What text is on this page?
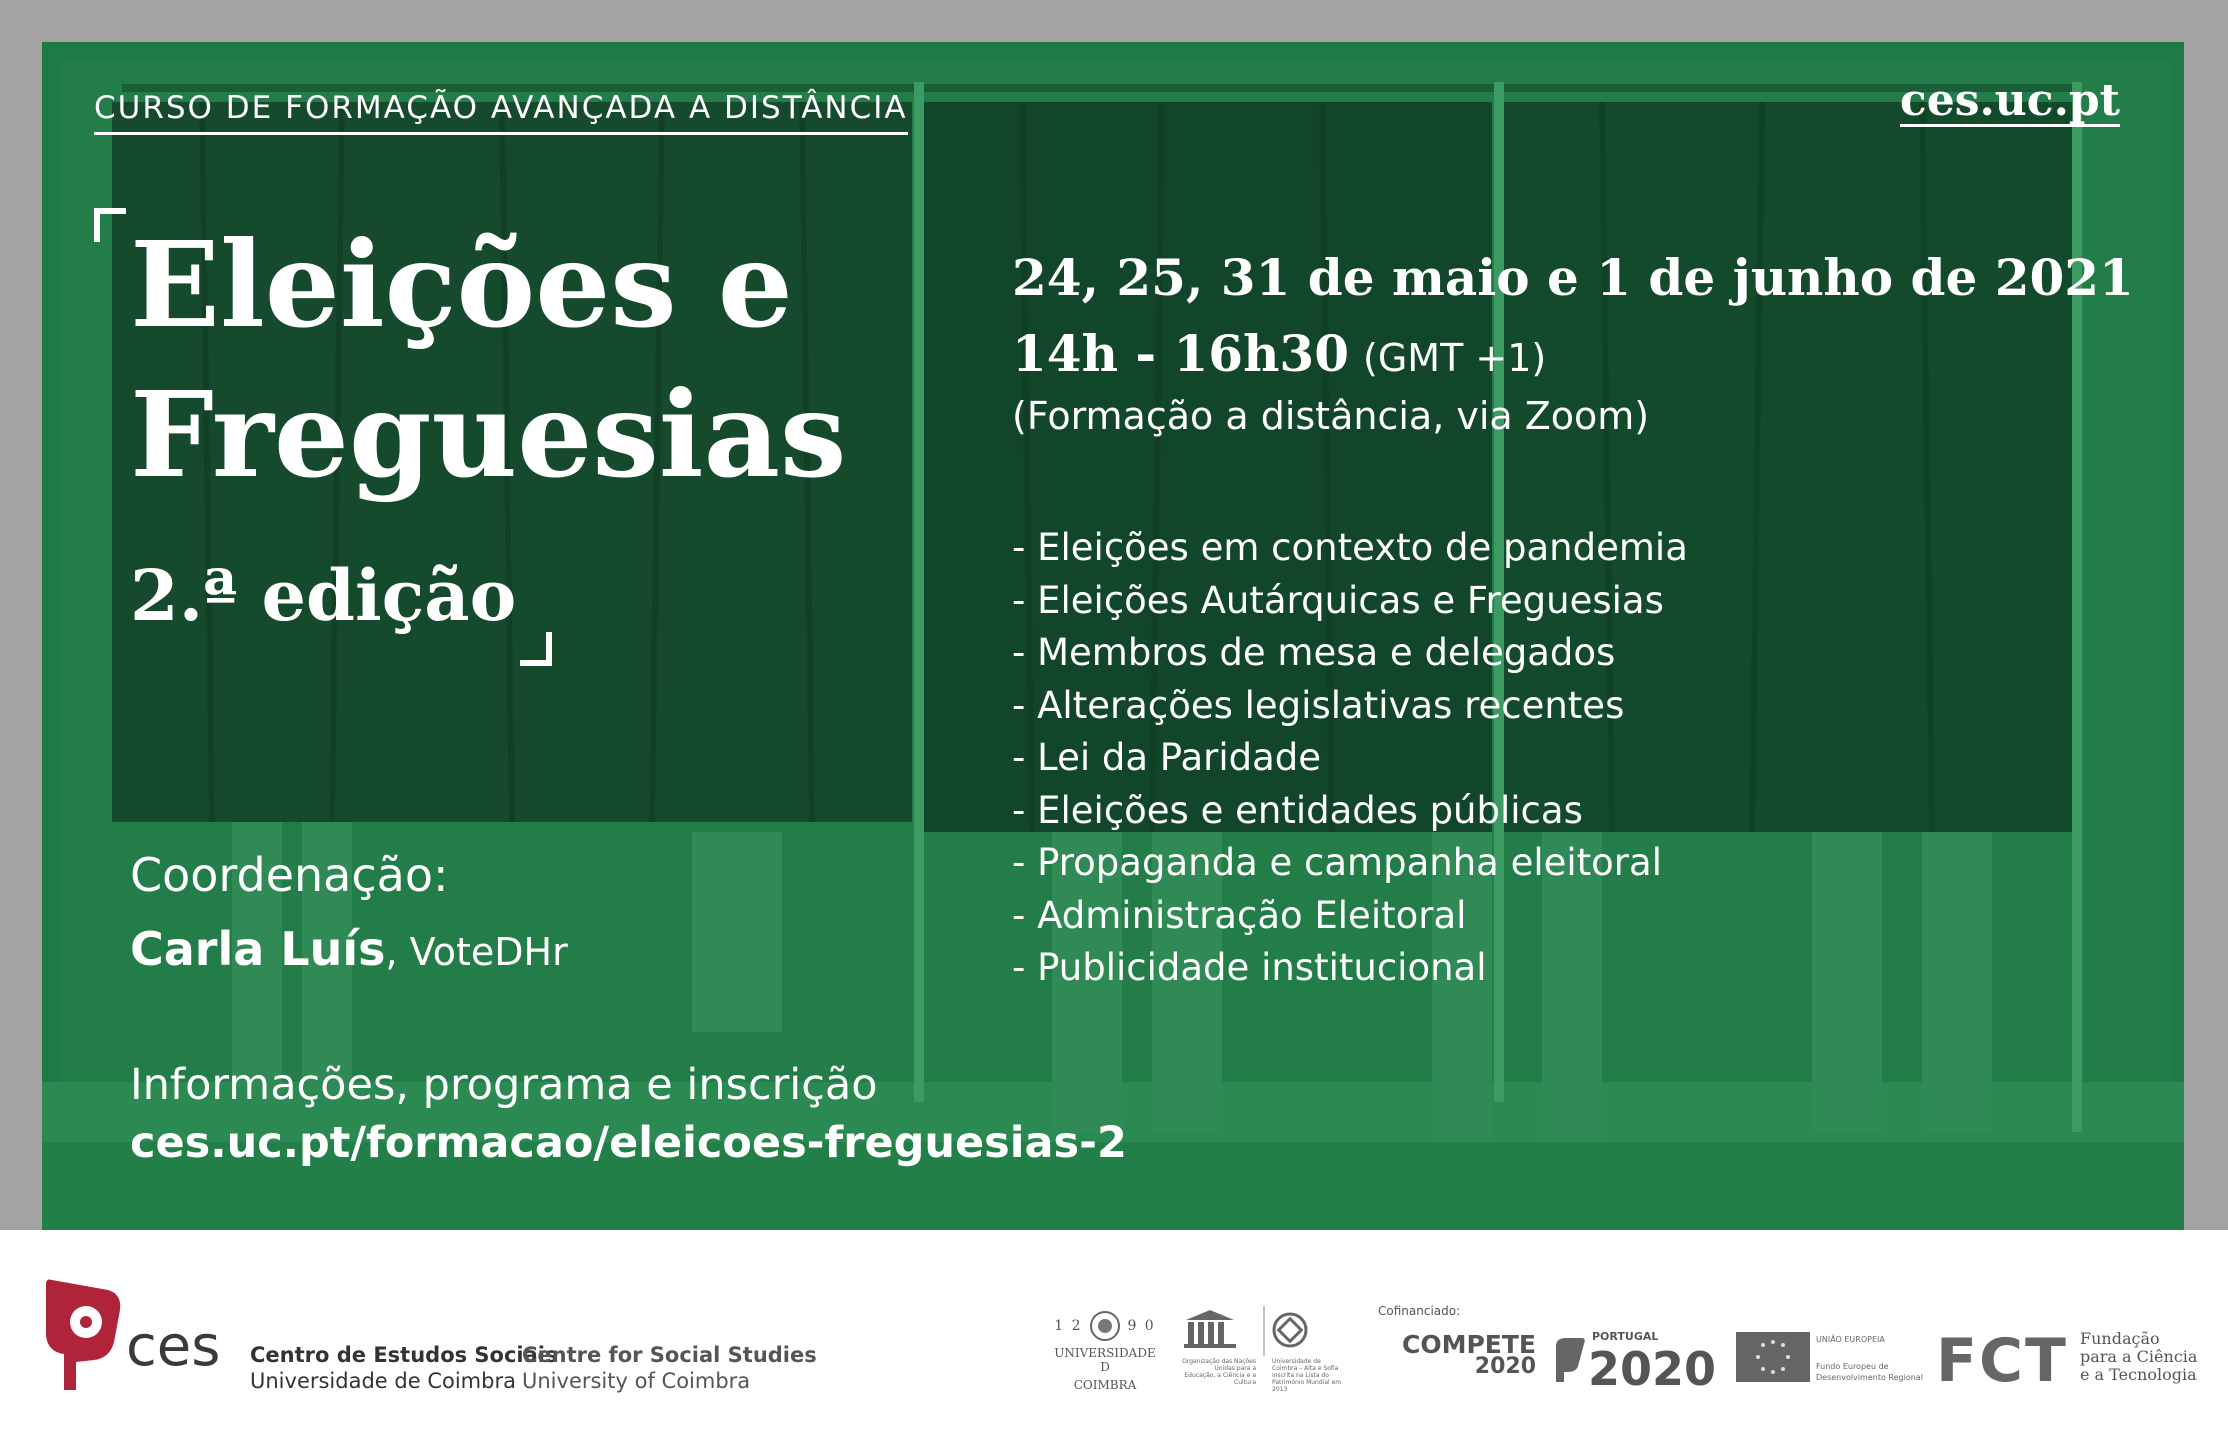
CURSO DE FORMAÇÃO AVANÇADA A DISTÂNCIA	ces.uc.pt
Eleições e
Freguesias
2.ª edição
24, 25, 31 de maio e 1 de junho de 2021
14h - 16h30 (GMT +1)
(Formação a distância, via Zoom)
- Eleições em contexto de pandemia
- Eleições Autárquicas e Freguesias
- Membros de mesa e delegados
- Alterações legislativas recentes
- Lei da Paridade
- Eleições e entidades públicas
- Propaganda e campanha eleitoral
- Administração Eleitoral
- Publicidade institucional
Coordenação:
Carla Luís, VoteDHr
Informações, programa e inscrição
ces.uc.pt/formacao/eleicoes-freguesias-2
ces Centro de Estudos Sociais
Universidade de Coimbra
Centre for Social Studies
University of Coimbra
1 2	9 0
UNIVERSIDADE D
COIMBRA
Organização das Nações Unidas para a Educação, a Ciência e a Cultura
Universidade de Coimbra – Alta e Sofia inscrita na Lista do Património Mundial em 2013
Cofinanciado:
COMPETE
2020
PORTUGAL
2020
UNIÃO EUROPEIA
Fundo Europeu de Desenvolvimento Regional FCT Fundação
para a Ciência
e a Tecnologia
